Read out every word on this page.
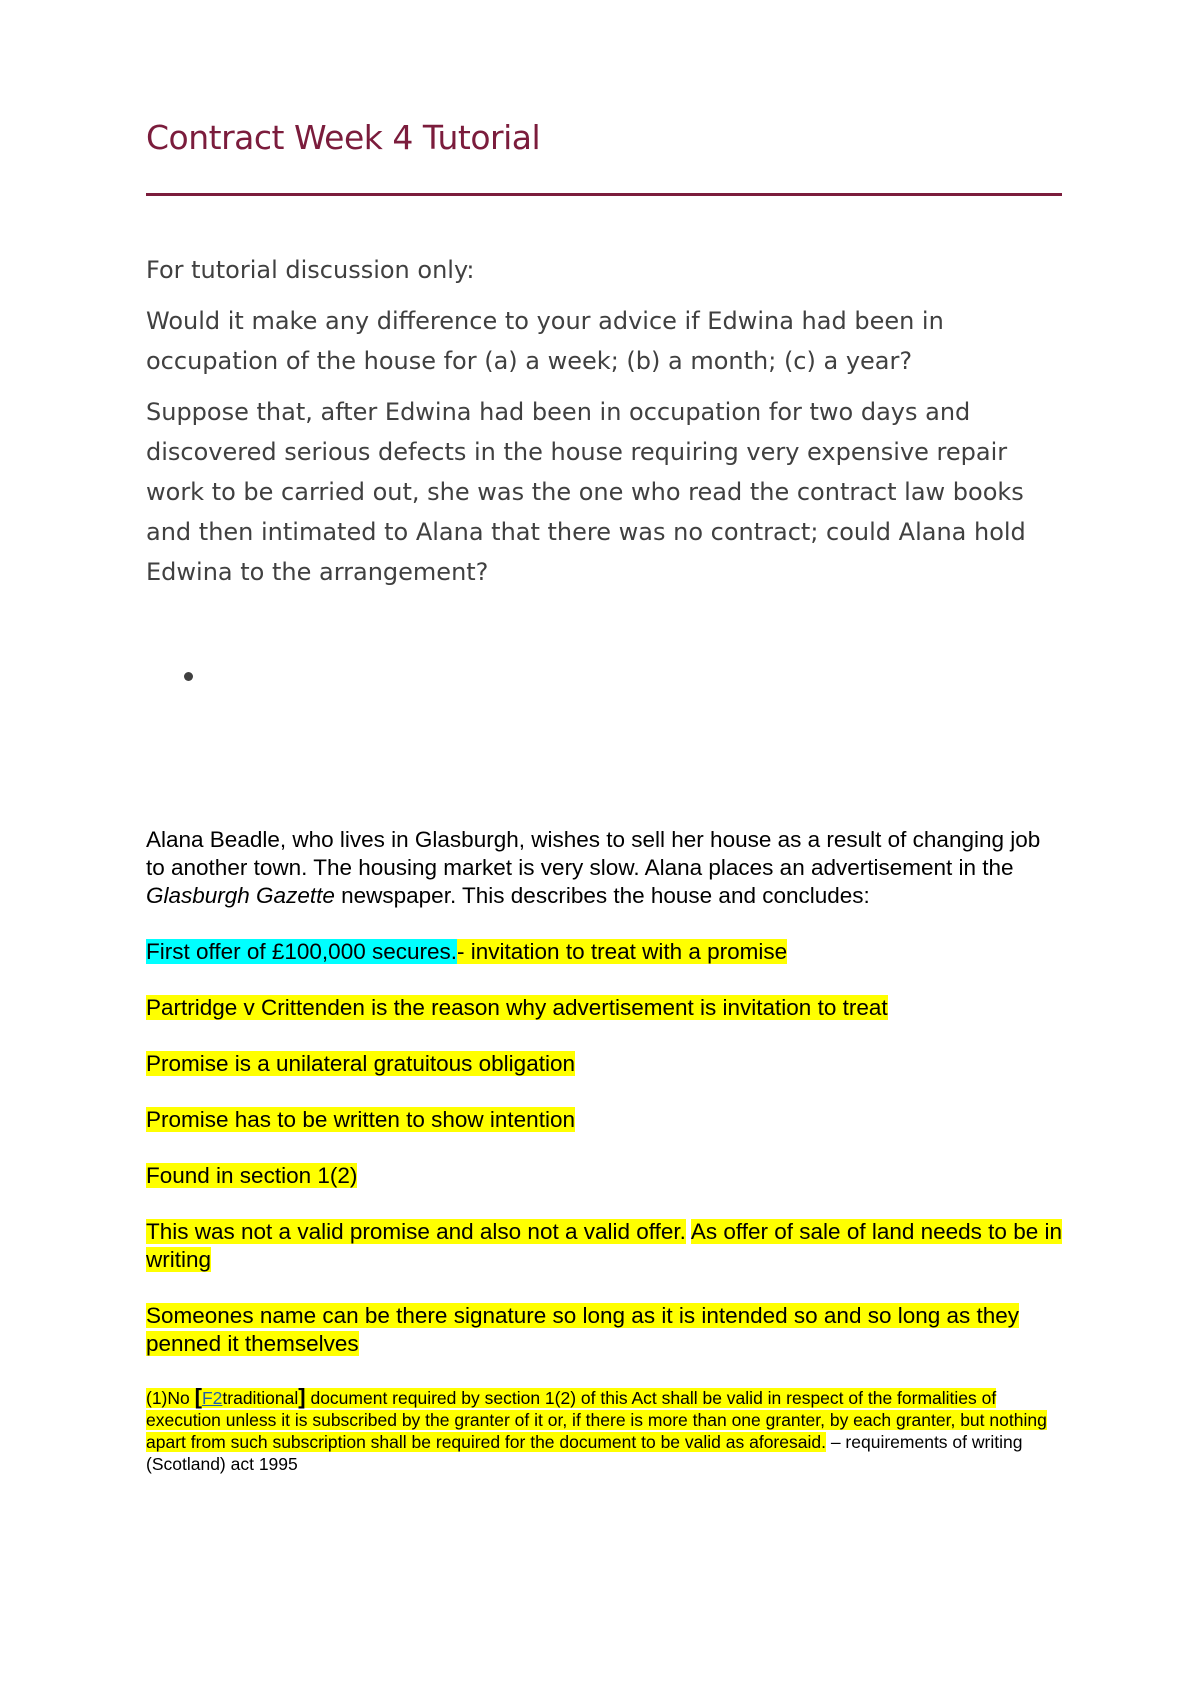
Contract Week 4 Tutorial

For tutorial discussion only:

Would it make any difference to your advice if Edwina had been in occupation of the house for (a) a week; (b) a month; (c) a year?

Suppose that, after Edwina had been in occupation for two days and discovered serious defects in the house requiring very expensive repair work to be carried out, she was the one who read the contract law books and then intimated to Alana that there was no contract; could Alana hold Edwina to the arrangement?

Alana Beadle, who lives in Glasburgh, wishes to sell her house as a result of changing job to another town. The housing market is very slow. Alana places an advertisement in the Glasburgh Gazette newspaper. This describes the house and concludes:

First offer of £100,000 secures.- invitation to treat with a promise

Partridge v Crittenden is the reason why advertisement is invitation to treat

Promise is a unilateral gratuitous obligation

Promise has to be written to show intention

Found in section 1(2)

This was not a valid promise and also not a valid offer. As offer of sale of land needs to be in writing

Someones name can be there signature so long as it is intended so and so long as they penned it themselves

(1)No [F2traditional] document required by section 1(2) of this Act shall be valid in respect of the formalities of execution unless it is subscribed by the granter of it or, if there is more than one granter, by each granter, but nothing apart from such subscription shall be required for the document to be valid as aforesaid. – requirements of writing (Scotland) act 1995
